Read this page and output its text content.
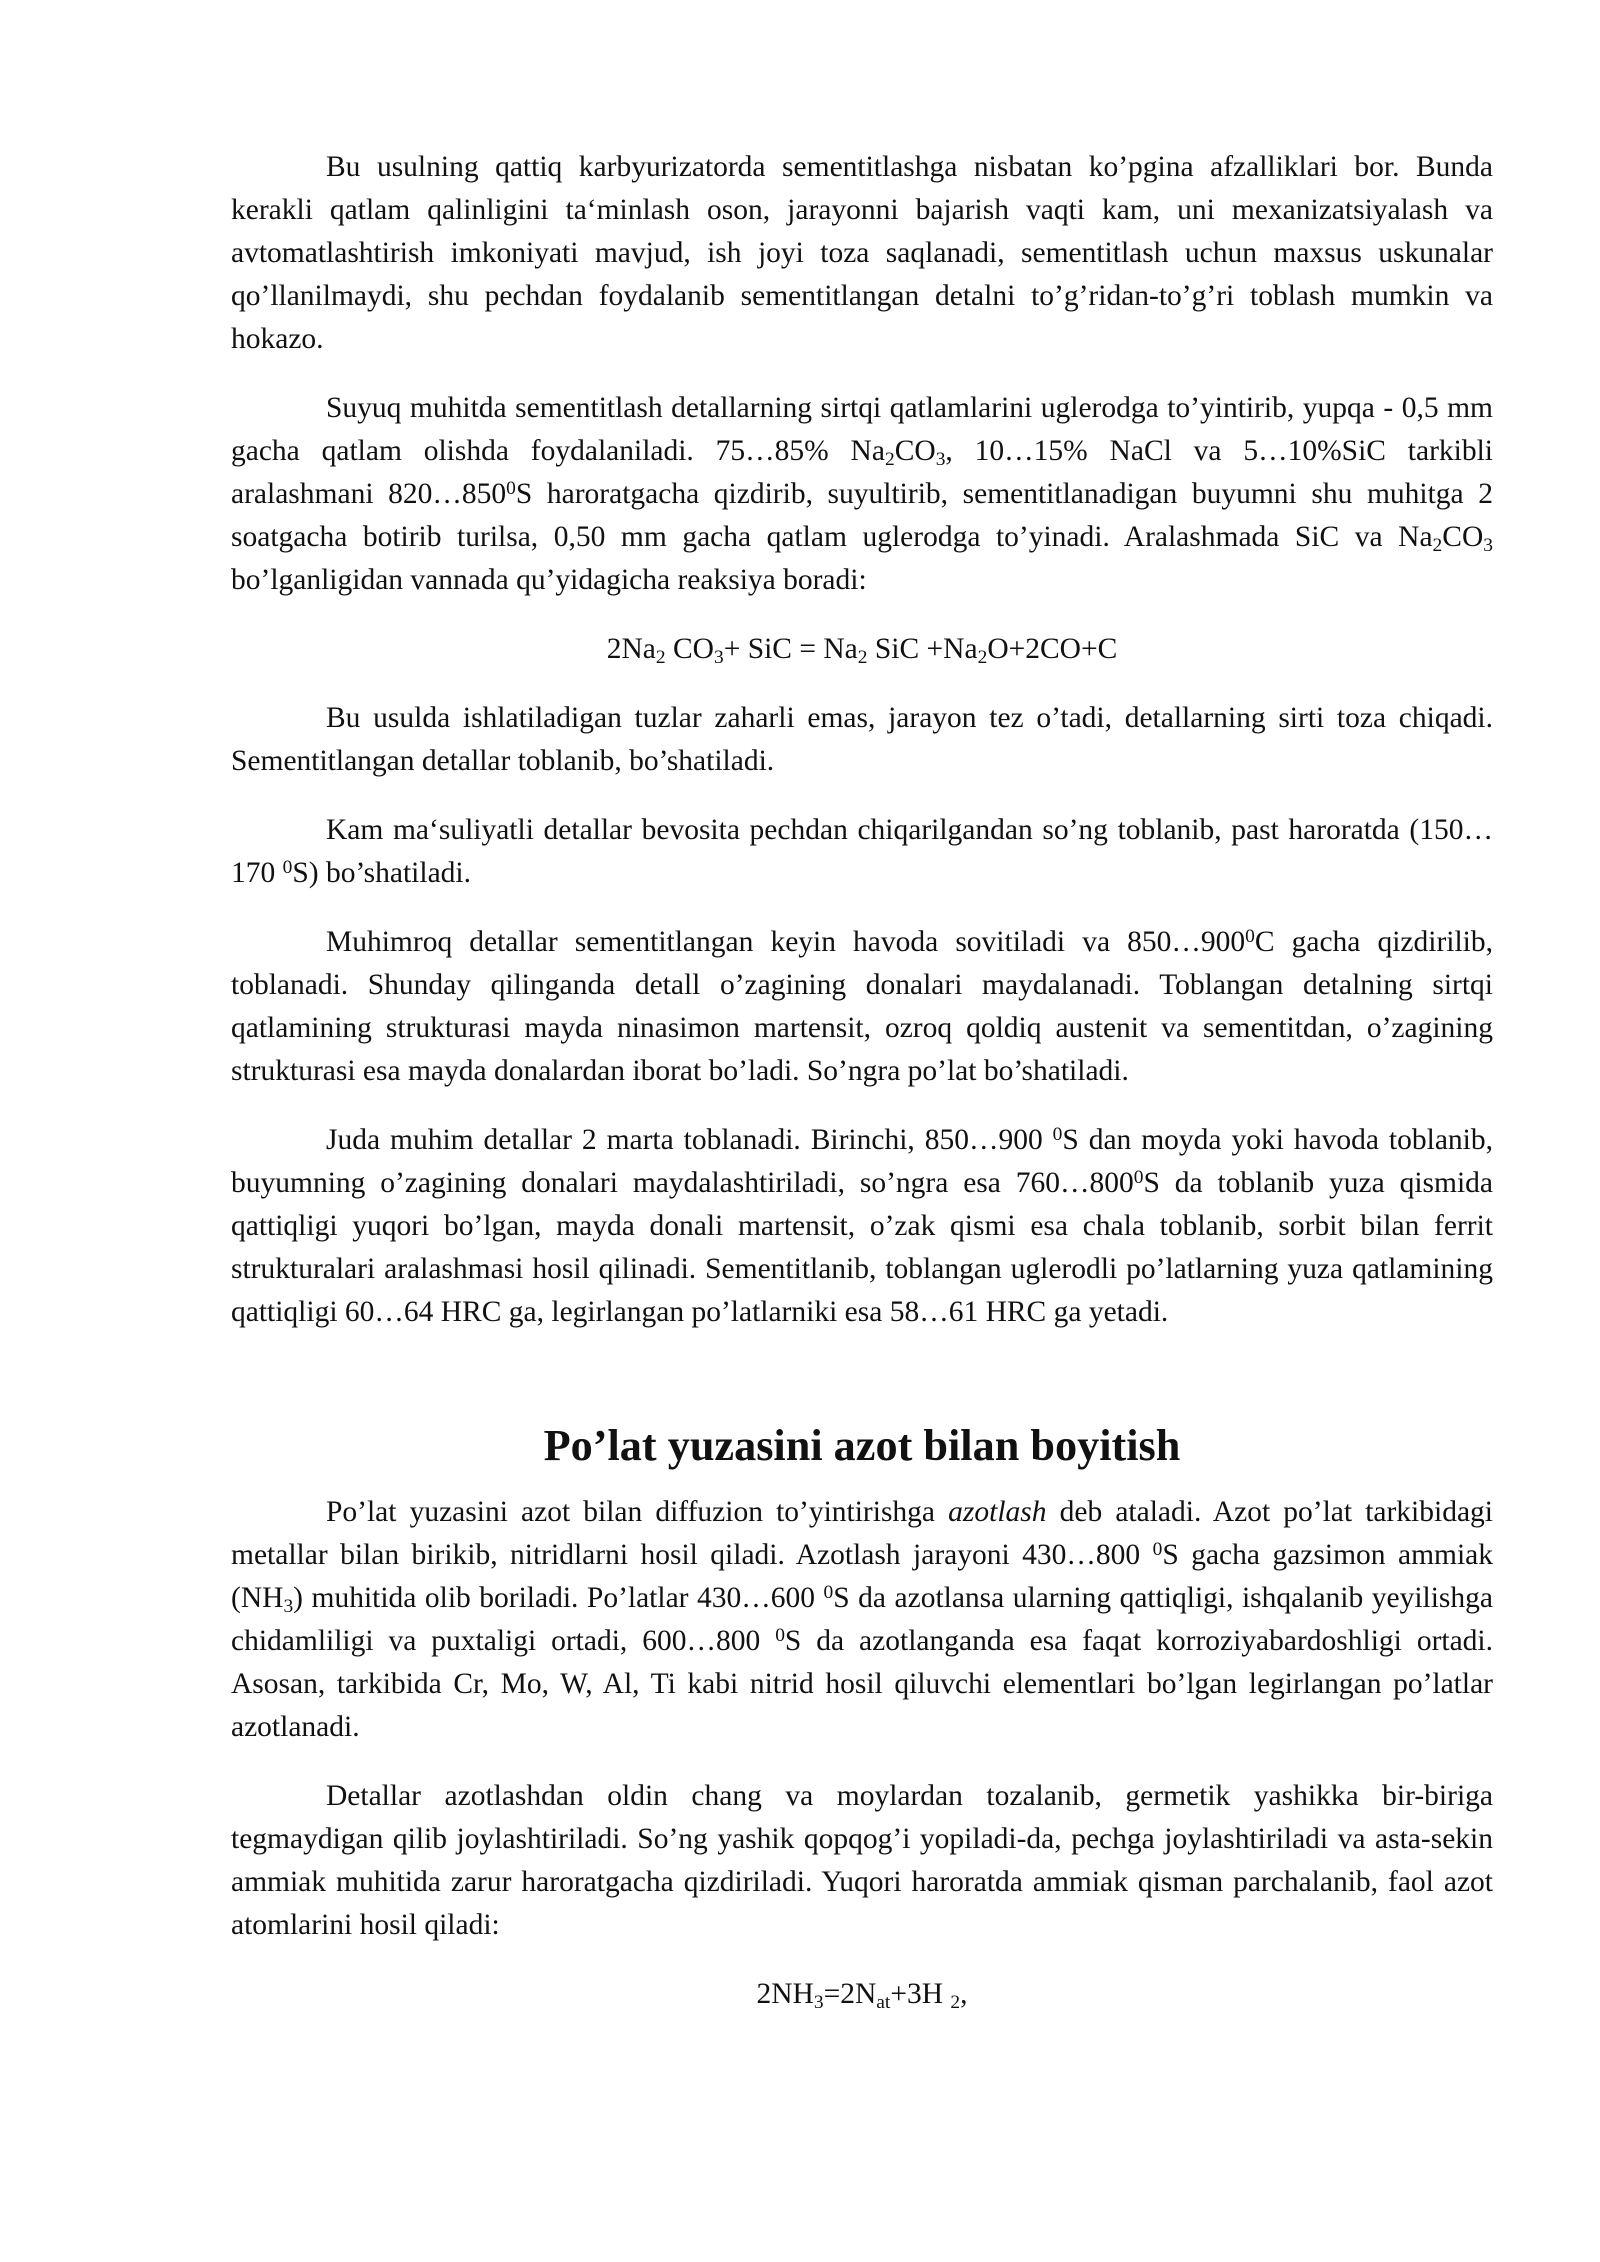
Bu usulning qattiq karbyurizatorda sementitlashga nisbatan ko’pgina afzalliklari bor. Bunda kerakli qatlam qalinligini ta‘minlash oson, jarayonni bajarish vaqti kam, uni mexanizatsiyalash va avtomatlashtirish imkoniyati mavjud, ish joyi toza saqlanadi, sementitlash uchun maxsus uskunalar qo’llanilmaydi, shu pechdan foydalanib sementitlangan detalni to’g’ridan-to’g’ri toblash mumkin va hokazo.

Suyuq muhitda sementitlash detallarning sirtqi qatlamlarini uglerodga to’yintirib, yupqa - 0,5 mm gacha qatlam olishda foydalaniladi. 75…85% $Na_2CO_3$, 10…15% NaCl va 5…10%SiC tarkibli aralashmani $820\dots 850^0S$ haroratgacha qizdirib, suyultirib, sementitlanadigan buyumni shu muhitga 2 soatgacha botirib turilsa, 0,50 mm gacha qatlam uglerodga to’yinadi. Aralashmada SiC va $Na_2CO_3$ bo’lganligidan vannada qu’yidagicha reaksiya boradi:

$2Na_2$ $CO_3+$ SiC = $Na_2$ SiC $+Na_2O+2CO+C$

Bu usulda ishlatiladigan tuzlar zaharli emas, jarayon tez o’tadi, detallarning sirti toza chiqadi. Sementitlangan detallar toblanib, bo’shatiladi.

Kam ma‘suliyatli detallar bevosita pechdan chiqarilgandan so’ng toblanib, past haroratda (150…170 $^0$S) bo’shatiladi.

Muhimroq detallar sementitlangan keyin havoda sovitiladi va $850\dots 900^0C$ gacha qizdirilib, toblanadi. Shunday qilinganda detall o’zagining donalari maydalanadi. Toblangan detalning sirtqi qatlamining strukturasi mayda ninasimon martensit, ozroq qoldiq austenit va sementitdan, o’zagining strukturasi esa mayda donalardan iborat bo’ladi. So’ngra po’lat bo’shatiladi.

Juda muhim detallar 2 marta toblanadi. Birinchi, 850…900 $^0$S dan moyda yoki havoda toblanib, buyumning o’zagining donalari maydalashtiriladi, so’ngra esa $760\dots 800^0S$ da toblanib yuza qismida qattiqligi yuqori bo’lgan, mayda donali martensit, o’zak qismi esa chala toblanib, sorbit bilan ferrit strukturalari aralashmasi hosil qilinadi. Sementitlanib, toblangan uglerodli po’latlarning yuza qatlamining qattiqligi 60…64 HRC ga, legirlangan po’latlarniki esa 58…61 HRC ga yetadi.

Po’lat yuzasini azot bilan boyitish

Po’lat yuzasini azot bilan diffuzion to’yintirishga azotlash deb ataladi. Azot po’lat tarkibidagi metallar bilan birikib, nitridlarni hosil qiladi. Azotlash jarayoni 430…800 $^0$S gacha gazsimon ammiak $(NH_3)$ muhitida olib boriladi. Po’latlar 430…600 $^0$S da azotlansa ularning qattiqligi, ishqalanib yeyilishga chidamliligi va puxtaligi ortadi, 600…800 $^0$S da azotlanganda esa faqat korroziyabardoshligi ortadi. Asosan, tarkibida Cr, Mo, W, Al, Ti kabi nitrid hosil qiluvchi elementlari bo’lgan legirlangan po’latlar azotlanadi.

Detallar azotlashdan oldin chang va moylardan tozalanib, germetik yashikka bir-biriga tegmaydigan qilib joylashtiriladi. So’ng yashik qopqog’i yopiladi-da, pechga joylashtiriladi va asta-sekin ammiak muhitida zarur haroratgacha qizdiriladi. Yuqori haroratda ammiak qisman parchalanib, faol azot atomlarini hosil qiladi:

$2NH_3=2N_{at}+3H$ $_2$,
